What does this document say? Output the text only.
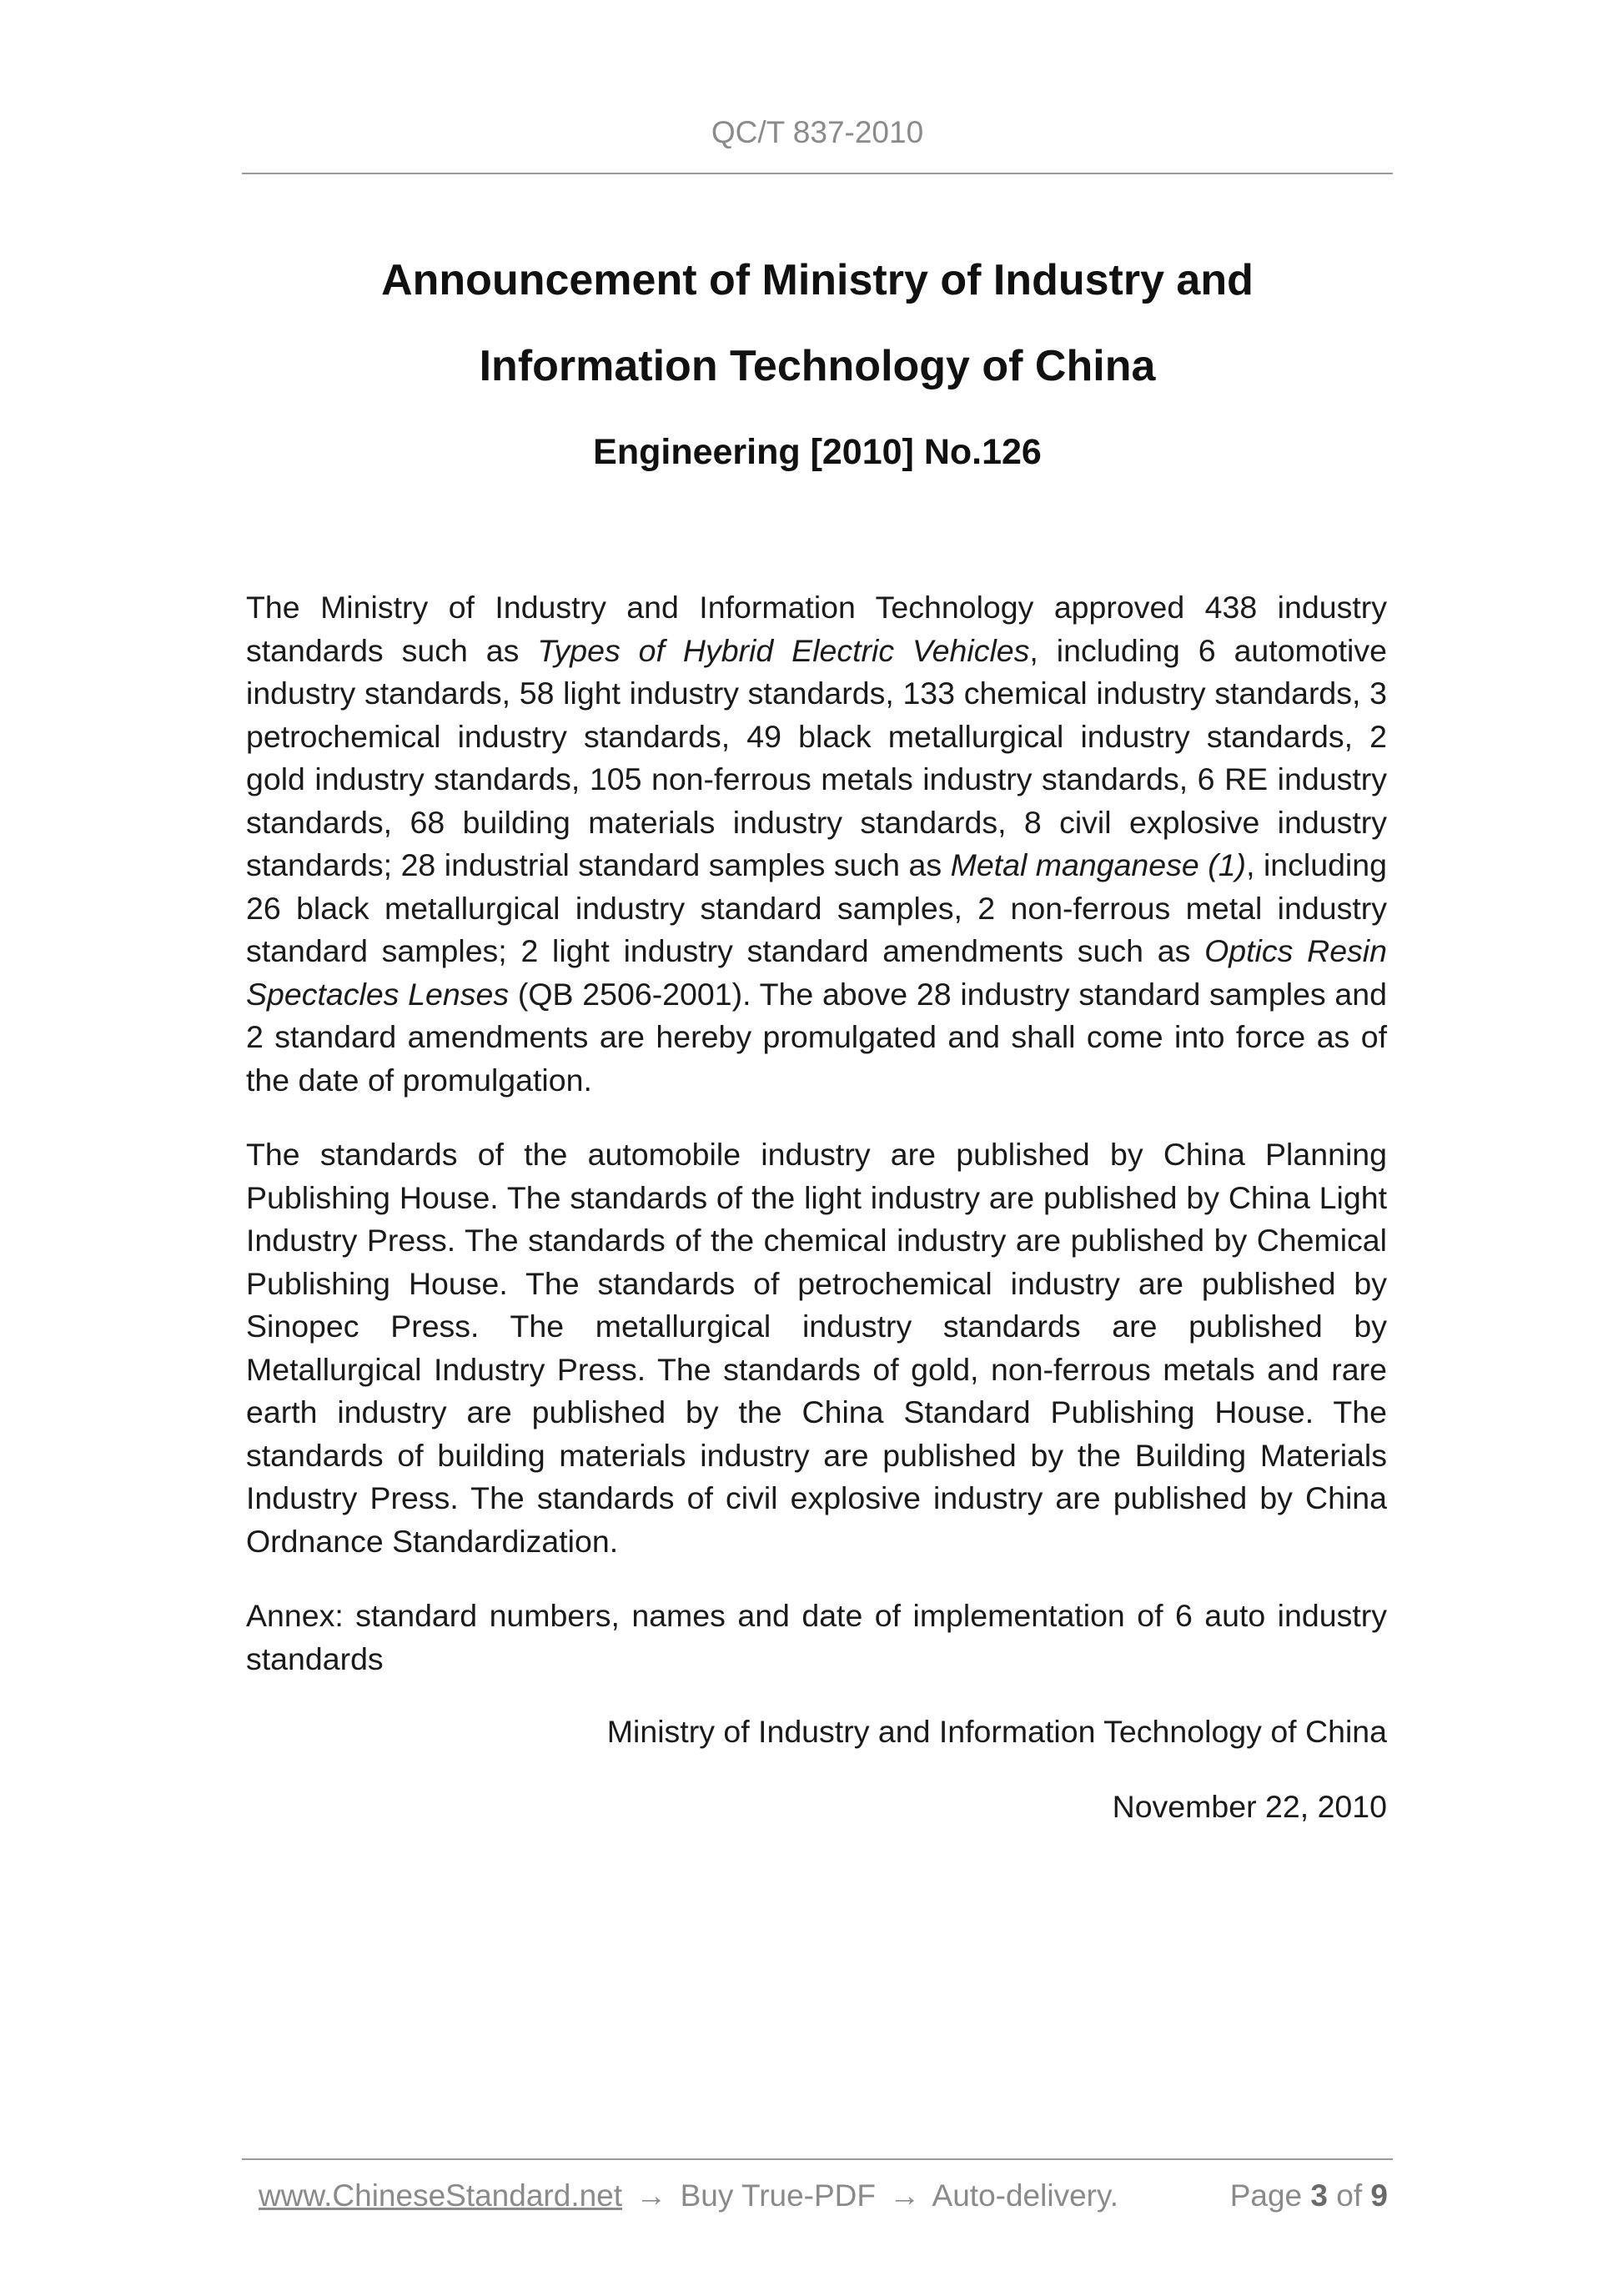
QC/T 837-2010
Announcement of Ministry of Industry and
Information Technology of China
Engineering [2010] No.126

The Ministry of Industry and Information Technology approved 438 industry standards such as Types of Hybrid Electric Vehicles, including 6 automotive industry standards, 58 light industry standards, 133 chemical industry standards, 3 petrochemical industry standards, 49 black metallurgical industry standards, 2 gold industry standards, 105 non-ferrous metals industry standards, 6 RE industry standards, 68 building materials industry standards, 8 civil explosive industry standards; 28 industrial standard samples such as Metal manganese (1), including 26 black metallurgical industry standard samples, 2 non-ferrous metal industry standard samples; 2 light industry standard amendments such as Optics Resin Spectacles Lenses (QB 2506-2001). The above 28 industry standard samples and 2 standard amendments are hereby promulgated and shall come into force as of the date of promulgation.

The standards of the automobile industry are published by China Planning Publishing House. The standards of the light industry are published by China Light Industry Press. The standards of the chemical industry are published by Chemical Publishing House. The standards of petrochemical industry are published by Sinopec Press. The metallurgical industry standards are published by Metallurgical Industry Press. The standards of gold, non-ferrous metals and rare earth industry are published by the China Standard Publishing House. The standards of building materials industry are published by the Building Materials Industry Press. The standards of civil explosive industry are published by China Ordnance Standardization.

Annex: standard numbers, names and date of implementation of 6 auto industry standards

Ministry of Industry and Information Technology of China
November 22, 2010
www.ChineseStandard.net → Buy True-PDF → Auto-delivery.	Page 3 of 9
